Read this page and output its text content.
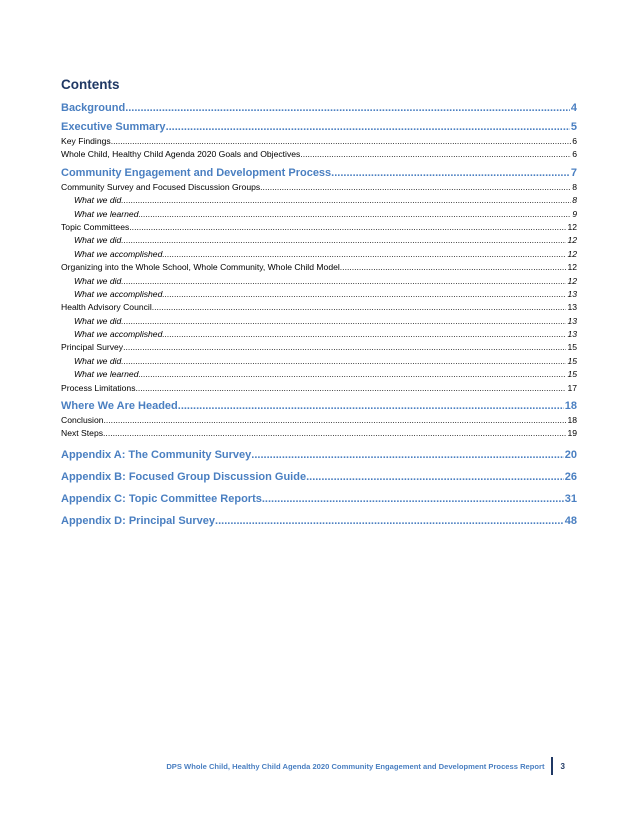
Contents
Background .....	4
Executive Summary .....	5
Key Findings .....	6
Whole Child, Healthy Child Agenda 2020 Goals and Objectives .....	6
Community Engagement and Development Process .....	7
Community Survey and Focused Discussion Groups .....	8
What we did .....	8
What we learned .....	9
Topic Committees .....	12
What we did .....	12
What we accomplished .....	12
Organizing into the Whole School, Whole Community, Whole Child Model .....	12
What we did .....	12
What we accomplished .....	13
Health Advisory Council .....	13
What we did .....	13
What we accomplished .....	13
Principal Survey .....	15
What we did .....	15
What we learned .....	15
Process Limitations .....	17
Where We Are Headed .....	18
Conclusion .....	18
Next Steps .....	19
Appendix A: The Community Survey .....	20
Appendix B: Focused Group Discussion Guide .....	26
Appendix C: Topic Committee Reports .....	31
Appendix D: Principal Survey .....	48
DPS Whole Child, Healthy Child Agenda 2020 Community Engagement and Development Process Report 3
